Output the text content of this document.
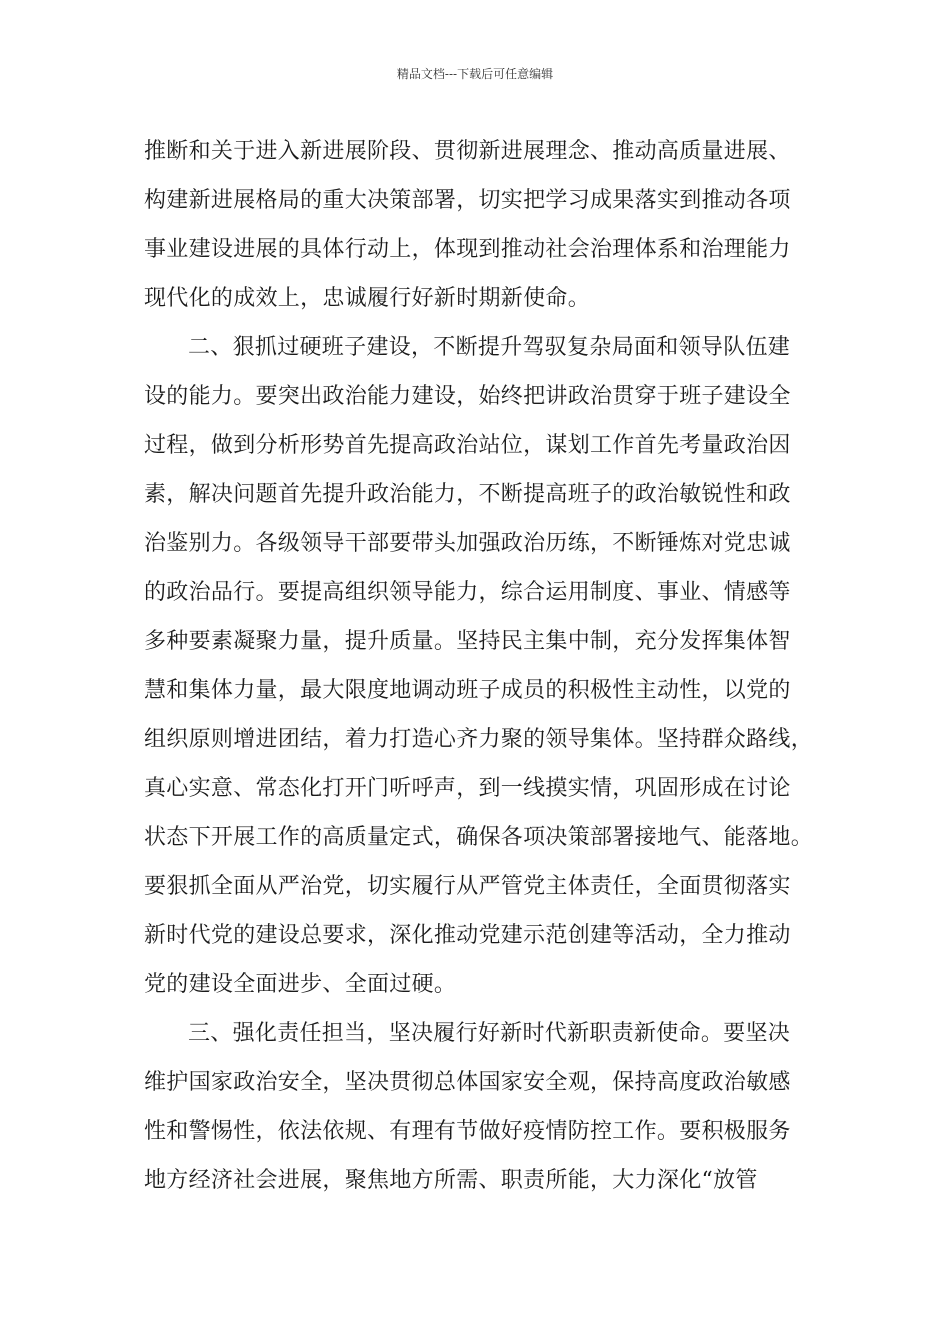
精品文档---下载后可任意编辑
推断和关于进入新进展阶段、贯彻新进展理念、推动高质量进展、
构建新进展格局的重大决策部署，切实把学习成果落实到推动各项
事业建设进展的具体行动上，体现到推动社会治理体系和治理能力
现代化的成效上，忠诚履行好新时期新使命。
二、狠抓过硬班子建设，不断提升驾驭复杂局面和领导队伍建
设的能力。要突出政治能力建设，始终把讲政治贯穿于班子建设全
过程，做到分析形势首先提高政治站位，谋划工作首先考量政治因
素，解决问题首先提升政治能力，不断提高班子的政治敏锐性和政
治鉴别力。各级领导干部要带头加强政治历练，不断锤炼对党忠诚
的政治品行。要提高组织领导能力，综合运用制度、事业、情感等
多种要素凝聚力量，提升质量。坚持民主集中制，充分发挥集体智
慧和集体力量，最大限度地调动班子成员的积极性主动性，以党的
组织原则增进团结，着力打造心齐力聚的领导集体。坚持群众路线，
真心实意、常态化打开门听呼声，到一线摸实情，巩固形成在讨论
状态下开展工作的高质量定式，确保各项决策部署接地气、能落地。
要狠抓全面从严治党，切实履行从严管党主体责任，全面贯彻落实
新时代党的建设总要求，深化推动党建示范创建等活动，全力推动
党的建设全面进步、全面过硬。
三、强化责任担当，坚决履行好新时代新职责新使命。要坚决
维护国家政治安全，坚决贯彻总体国家安全观，保持高度政治敏感
性和警惕性，依法依规、有理有节做好疫情防控工作。要积极服务
地方经济社会进展，聚焦地方所需、职责所能，大力深化“放管
